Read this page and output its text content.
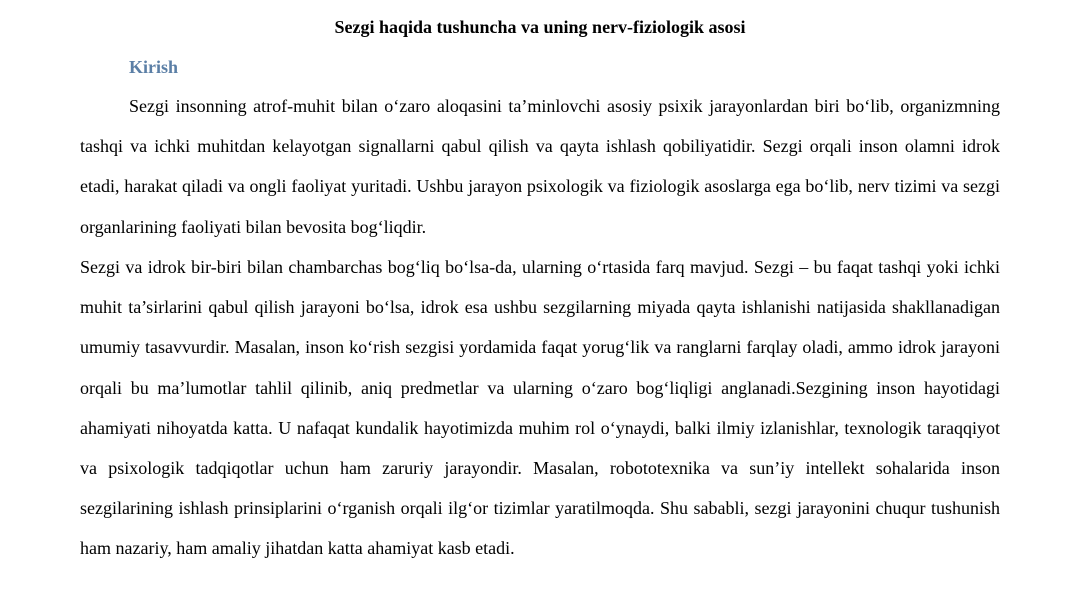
Sezgi haqida tushuncha va uning nerv-fiziologik asosi
Kirish

Sezgi insonning atrof-muhit bilan o‘zaro aloqasini ta’minlovchi asosiy psixik jarayonlardan biri bo‘lib, organizmning tashqi va ichki muhitdan kelayotgan signallarni qabul qilish va qayta ishlash qobiliyatidir. Sezgi orqali inson olamni idrok etadi, harakat qiladi va ongli faoliyat yuritadi. Ushbu jarayon psixologik va fiziologik asoslarga ega bo‘lib, nerv tizimi va sezgi organlarining faoliyati bilan bevosita bog‘liqdir.

Sezgi va idrok bir-biri bilan chambarchas bog‘liq bo‘lsa-da, ularning o‘rtasida farq mavjud. Sezgi – bu faqat tashqi yoki ichki muhit ta’sirlarini qabul qilish jarayoni bo‘lsa, idrok esa ushbu sezgilarning miyada qayta ishlanishi natijasida shakllanadigan umumiy tasavvurdir. Masalan, inson ko‘rish sezgisi yordamida faqat yorug‘lik va ranglarni farqlay oladi, ammo idrok jarayoni orqali bu ma’lumotlar tahlil qilinib, aniq predmetlar va ularning o‘zaro bog‘liqligi anglanadi.Sezgining inson hayotidagi ahamiyati nihoyatda katta. U nafaqat kundalik hayotimizda muhim rol o‘ynaydi, balki ilmiy izlanishlar, texnologik taraqqiyot va psixologik tadqiqotlar uchun ham zaruriy jarayondir. Masalan, robototexnika va sun’iy intellekt sohalarida inson sezgilarining ishlash prinsiplarini o‘rganish orqali ilg‘or tizimlar yaratilmoqda. Shu sababli, sezgi jarayonini chuqur tushunish ham nazariy, ham amaliy jihatdan katta ahamiyat kasb etadi.
